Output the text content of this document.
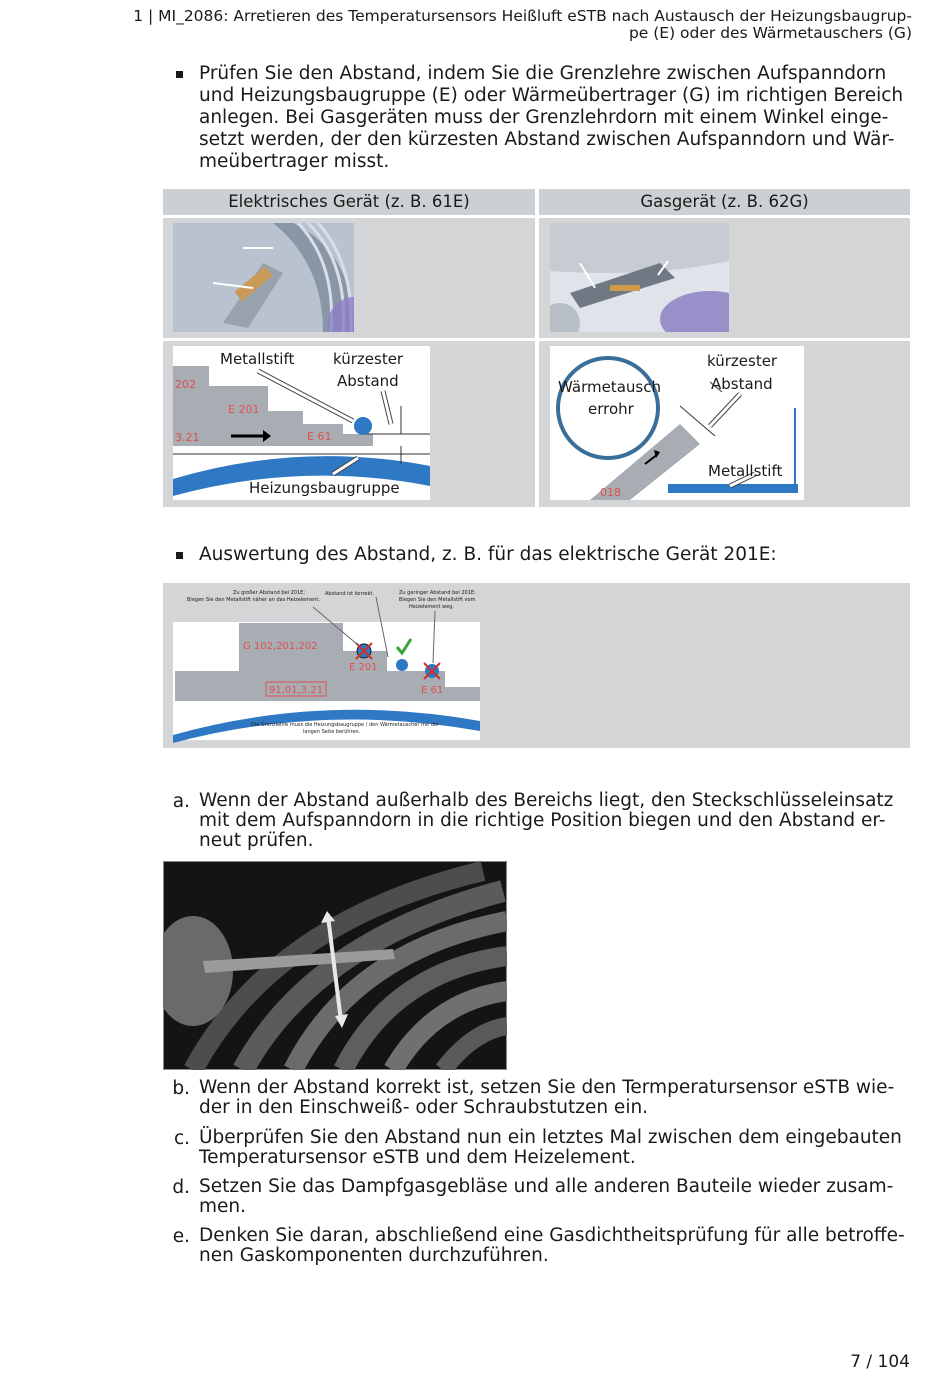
1 | MI_2086: Arretieren des Temperatursensors Heißluft eSTB nach Austausch der Heizungsbaugrup-
pe (E) oder des Wärmetauschers (G)
Prüfen Sie den Abstand, indem Sie die Grenzlehre zwischen Aufspanndorn
und Heizungsbaugruppe (E) oder Wärmeübertrager (G) im richtigen Bereich
anlegen. Bei Gasgeräten muss der Grenzlehrdorn mit einem Winkel einge-
setzt werden, der den kürzesten Abstand zwischen Aufspanndorn und Wär-
meübertrager misst.
Elektrisches Gerät (z. B. 61E)	Gasgerät (z. B. 62G)
Metallstift	kürzester
Abstand
Heizungsbaugruppe
202
E 201
3.21	E 61
Wärmetausch
errohr
kürzester
Abstand
Metallstift
018
Auswertung des Abstand, z. B. für das elektrische Gerät 201E:
Zu großer Abstand bei 201E:
Biegen Sie den Metallstift näher an das Heizelement.
Abstand ist korrekt.	Zu geringer Abstand bei 201E:
Biegen Sie den Metallstift vom
Heizelement weg.
G 102,201,202
E 201
E 61
91,01,3.21
Die Grenzlehre muss die Heizungsbaugruppe / den Wärmetauscher mit der
langen Seite berühren.
a. Wenn der Abstand außerhalb des Bereichs liegt, den Steckschlüsseleinsatz
mit dem Aufspanndorn in die richtige Position biegen und den Abstand er-
neut prüfen.
b. Wenn der Abstand korrekt ist, setzen Sie den Termperatursensor eSTB wie-
der in den Einschweiß- oder Schraubstutzen ein.
c. Überprüfen Sie den Abstand nun ein letztes Mal zwischen dem eingebauten
Temperatursensor eSTB und dem Heizelement.
d. Setzen Sie das Dampfgasgebläse und alle anderen Bauteile wieder zusam-
men.
e. Denken Sie daran, abschließend eine Gasdichtheitsprüfung für alle betroffe-
nen Gaskomponenten durchzuführen.
7 / 104
